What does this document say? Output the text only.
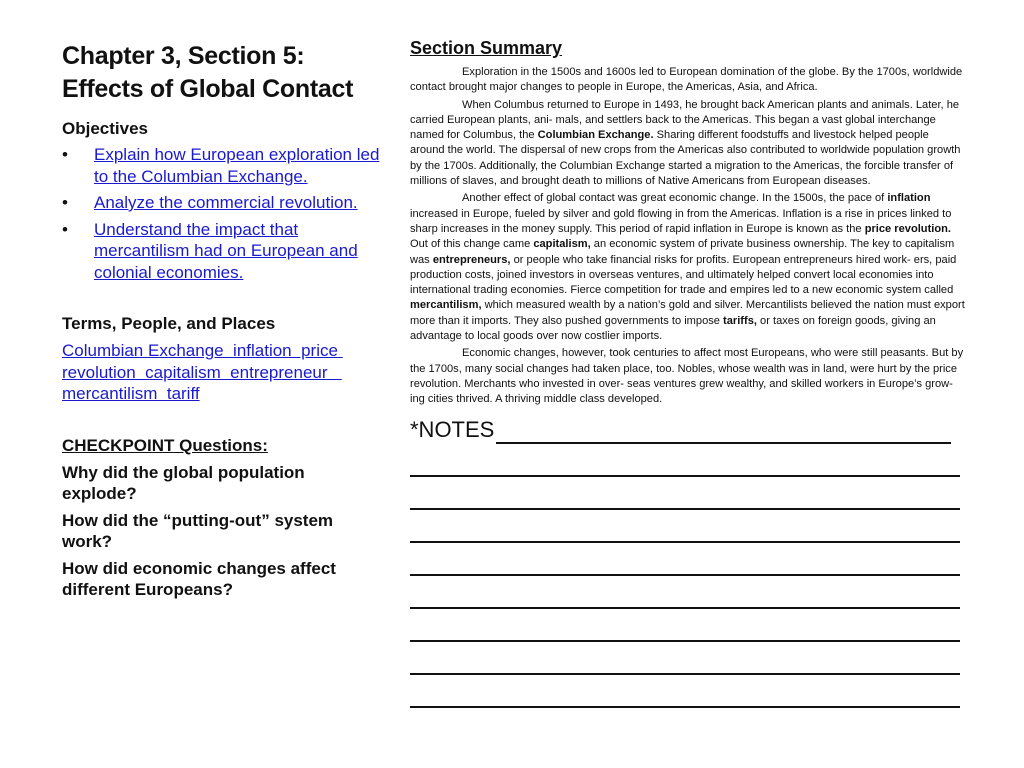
Chapter 3, Section 5:
Effects of Global Contact
Objectives
• Explain how European exploration led to the Columbian Exchange.
• Analyze the commercial revolution.
• Understand the impact that mercantilism had on European and colonial economies.
Terms, People, and Places
Columbian Exchange  inflation  price revolution  capitalism  entrepreneur   mercantilism  tariff
CHECKPOINT Questions:
Why did the global population explode?
How did the “putting-out” system work?
How did economic changes affect different Europeans?
Section Summary

Exploration in the 1500s and 1600s led to European domination of the globe. By the 1700s, worldwide contact brought major changes to people in Europe, the Americas, Asia, and Africa.

When Columbus returned to Europe in 1493, he brought back American plants and animals. Later, he carried European plants, ani- mals, and settlers back to the Americas. This began a vast global interchange named for Columbus, the Columbian Exchange. Sharing different foodstuffs and livestock helped people around the world. The dispersal of new crops from the Americas also contributed to worldwide population growth by the 1700s. Additionally, the Columbian Exchange started a migration to the Americas, the forcible transfer of millions of slaves, and brought death to millions of Native Americans from European diseases.

Another effect of global contact was great economic change. In the 1500s, the pace of inflation increased in Europe, fueled by silver and gold flowing in from the Americas. Inflation is a rise in prices linked to sharp increases in the money supply. This period of rapid inflation in Europe is known as the price revolution. Out of this change came capitalism, an economic system of private business ownership. The key to capitalism was entrepreneurs, or people who take financial risks for profits. European entrepreneurs hired work- ers, paid production costs, joined investors in overseas ventures, and ultimately helped convert local economies into international trading economies. Fierce competition for trade and empires led to a new economic system called mercantilism, which measured wealth by a nation’s gold and silver. Mercantilists believed the nation must export more than it imports. They also pushed governments to impose tariffs, or taxes on foreign goods, giving an advantage to local goods over now costlier imports.

Economic changes, however, took centuries to affect most Europeans, who were still peasants. But by the 1700s, many social changes had taken place, too. Nobles, whose wealth was in land, were hurt by the price revolution. Merchants who invested in over- seas ventures grew wealthy, and skilled workers in Europe’s grow- ing cities thrived. A thriving middle class developed.

*NOTES
